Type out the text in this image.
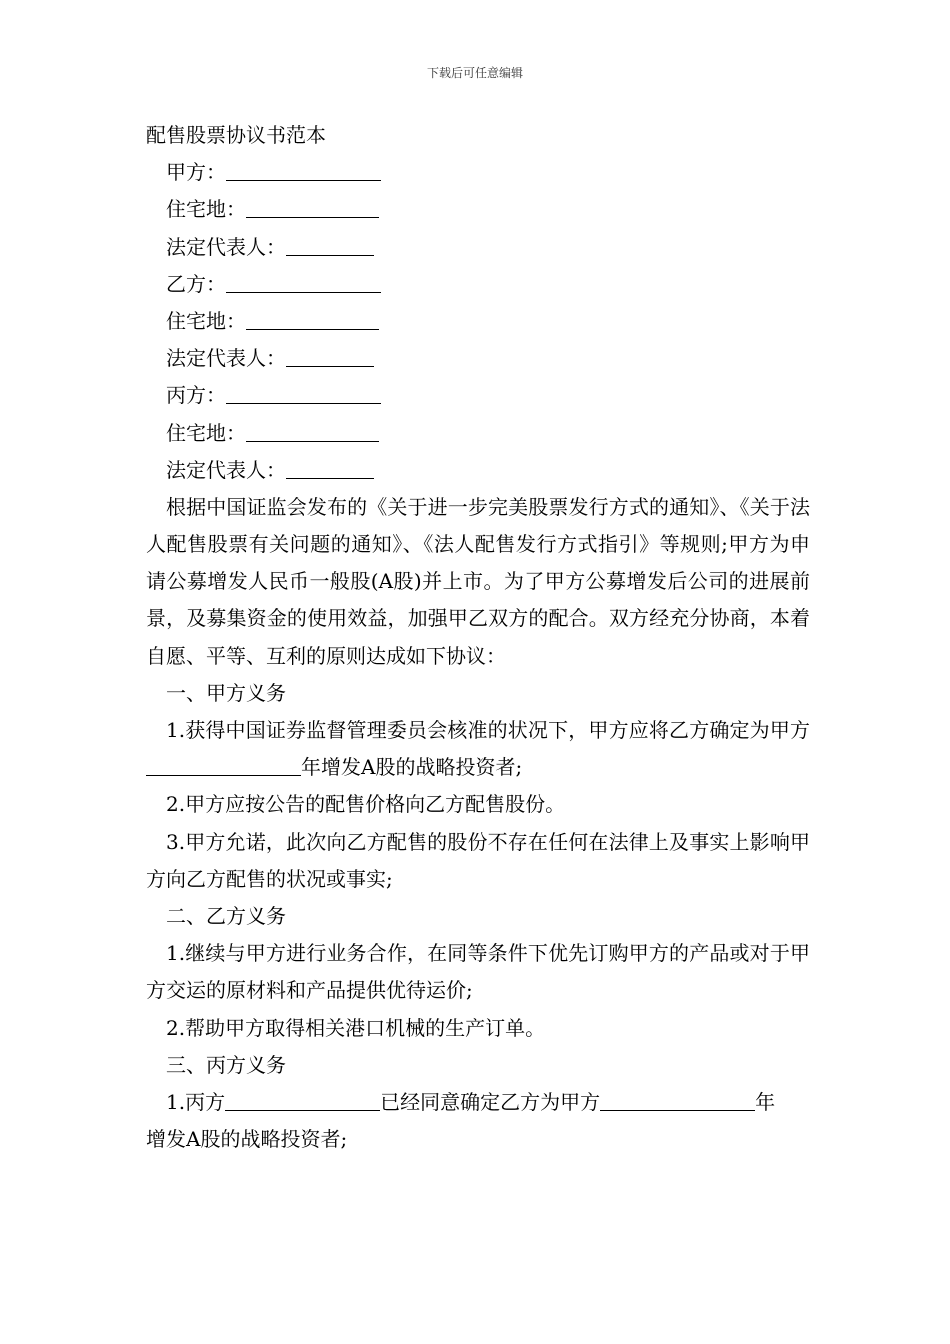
下载后可任意编辑
配售股票协议书范本
甲方：
住宅地：
法定代表人：
乙方：
住宅地：
法定代表人：
丙方：
住宅地：
法定代表人：
根据中国证监会发布的《关于进一步完美股票发行方式的通知》、《关于法人配售股票有关问题的通知》、《法人配售发行方式指引》等规则;甲方为申请公募增发人民币一般股(A股)并上市。为了甲方公募增发后公司的进展前景，及募集资金的使用效益，加强甲乙双方的配合。双方经充分协商，本着自愿、平等、互利的原则达成如下协议：
一、甲方义务
1.获得中国证券监督管理委员会核准的状况下，甲方应将乙方确定为甲方年增发A股的战略投资者;
2.甲方应按公告的配售价格向乙方配售股份。
3.甲方允诺，此次向乙方配售的股份不存在任何在法律上及事实上影响甲方向乙方配售的状况或事实;
二、乙方义务
1.继续与甲方进行业务合作，在同等条件下优先订购甲方的产品或对于甲方交运的原材料和产品提供优待运价;
2.帮助甲方取得相关港口机械的生产订单。
三、丙方义务
1.丙方	已经同意确定乙方为甲方	年
增发A股的战略投资者;
